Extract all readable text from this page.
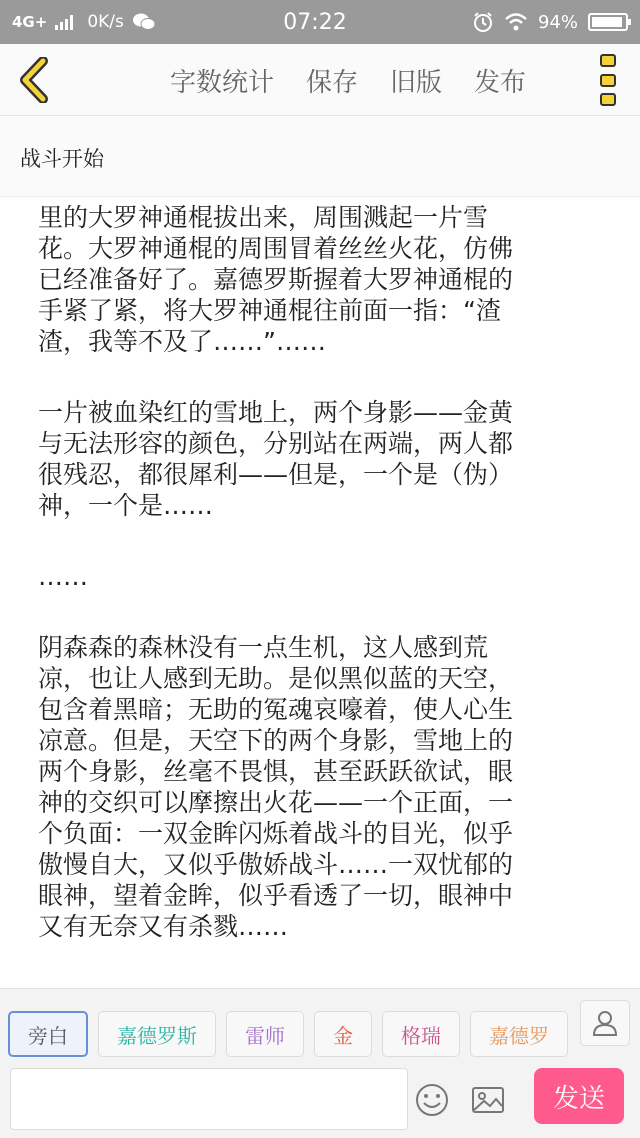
4G+ 0K/s	07:22	94%
字数统计 保存 旧版 发布
战斗开始

里的大罗神通棍拔出来，周围溅起一片雪
花。大罗神通棍的周围冒着丝丝火花，仿佛
已经准备好了。嘉德罗斯握着大罗神通棍的
手紧了紧，将大罗神通棍往前面一指：“渣
渣，我等不及了……”……

一片被血染红的雪地上，两个身影——金黄
与无法形容的颜色，分别站在两端，两人都
很残忍，都很犀利——但是，一个是（伪）
神，一个是……

……

阴森森的森林没有一点生机，这人感到荒
凉，也让人感到无助。是似黑似蓝的天空，
包含着黑暗；无助的冤魂哀嚎着，使人心生
凉意。但是，天空下的两个身影，雪地上的
两个身影，丝毫不畏惧，甚至跃跃欲试，眼
神的交织可以摩擦出火花——一个正面，一
个负面：一双金眸闪烁着战斗的目光，似乎
傲慢自大，又似乎傲娇战斗……一双忧郁的
眼神，望着金眸，似乎看透了一切，眼神中
又有无奈又有杀戮……

旁白	嘉德罗斯	雷师	金	格瑞	嘉德罗
发送
